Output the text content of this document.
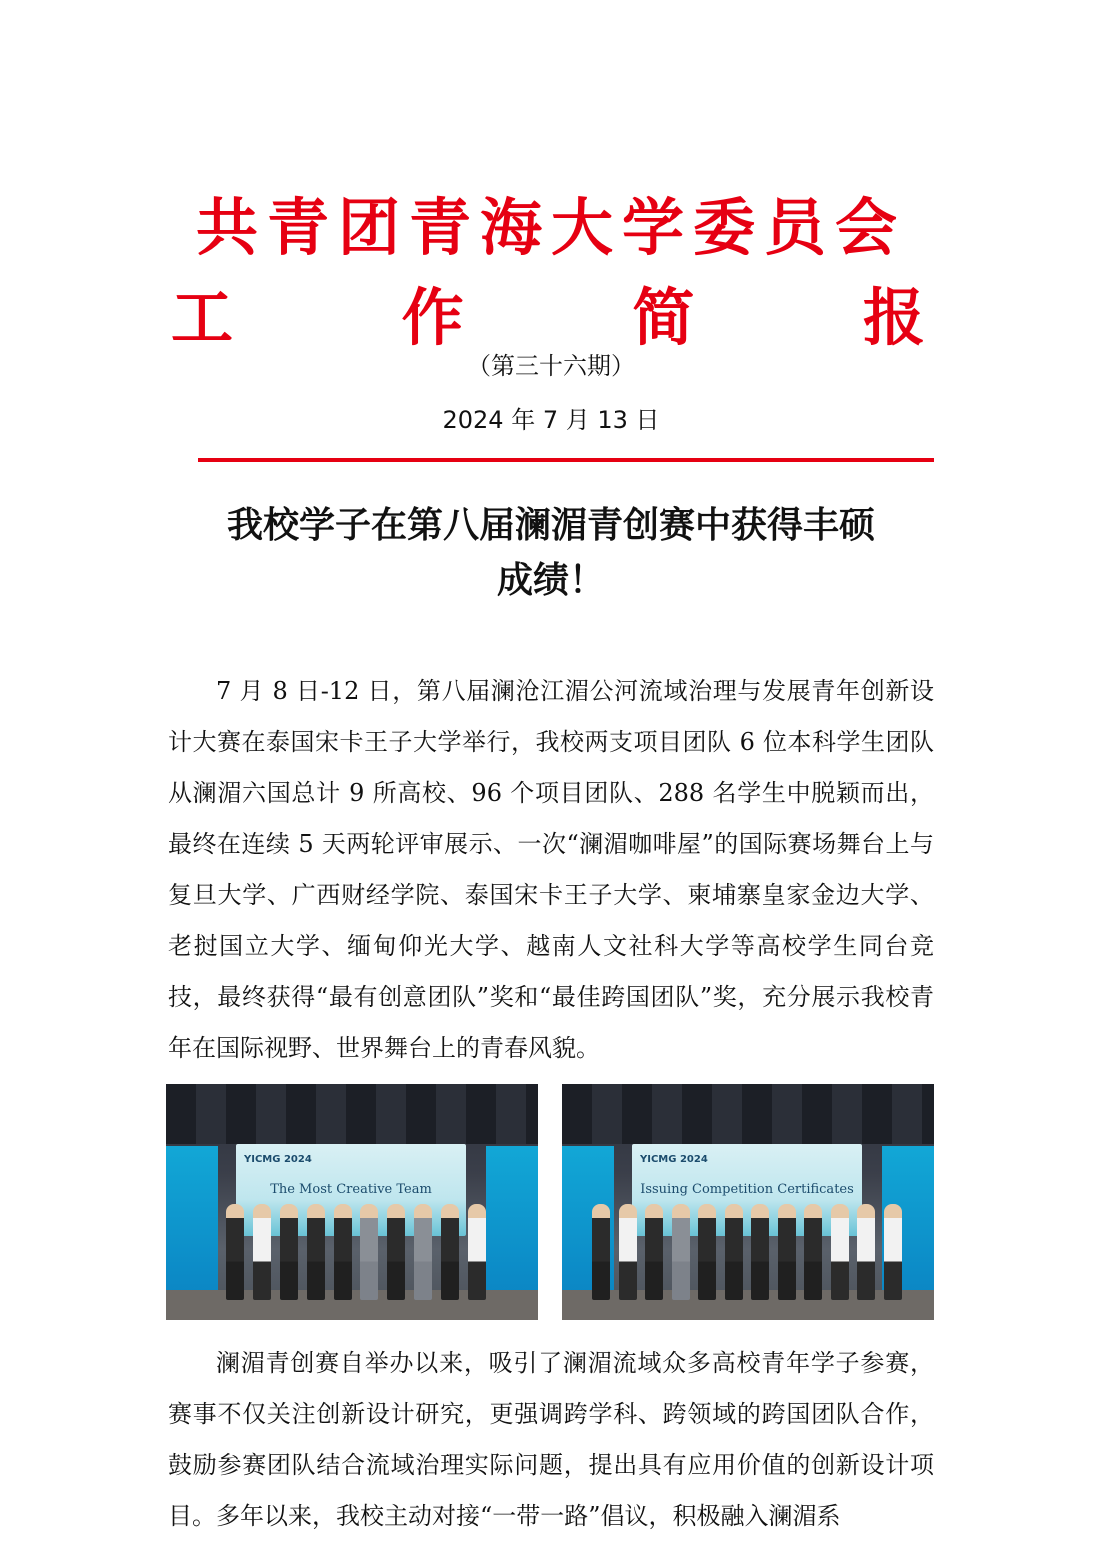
共青团青海大学委员会
工	作	简	报
（第三十六期）
2024 年 7 月 13 日
我校学子在第八届澜湄青创赛中获得丰硕
成绩！
7 月 8 日-12 日，第八届澜沧江湄公河流域治理与发展青年创新设计大赛在泰国宋卡王子大学举行，我校两支项目团队 6 位本科学生团队从澜湄六国总计 9 所高校、96 个项目团队、288 名学生中脱颖而出，最终在连续 5 天两轮评审展示、一次“澜湄咖啡屋”的国际赛场舞台上与复旦大学、广西财经学院、泰国宋卡王子大学、柬埔寨皇家金边大学、老挝国立大学、缅甸仰光大学、越南人文社科大学等高校学生同台竞技，最终获得“最有创意团队”奖和“最佳跨国团队”奖，充分展示我校青年在国际视野、世界舞台上的青春风貌。
YICMG 2024
The Most Creative Team
YICMG 2024
Issuing Competition Certificates
澜湄青创赛自举办以来，吸引了澜湄流域众多高校青年学子参赛，赛事不仅关注创新设计研究，更强调跨学科、跨领域的跨国团队合作，鼓励参赛团队结合流域治理实际问题，提出具有应用价值的创新设计项目。多年以来，我校主动对接“一带一路”倡议，积极融入澜湄系
